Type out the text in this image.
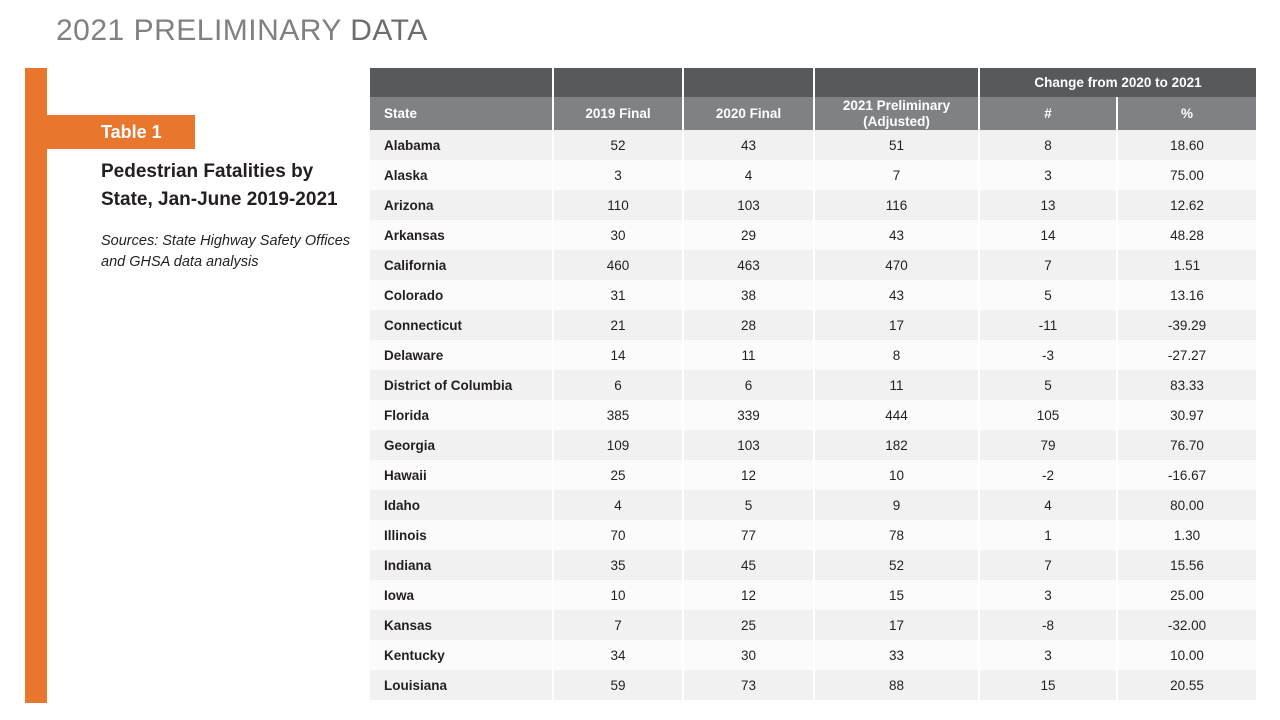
2021 PRELIMINARY DATA
Table 1
Pedestrian Fatalities by State, Jan-June 2019-2021
Sources: State Highway Safety Offices and GHSA data analysis
				Change from 2020 to 2021	
State	2019 Final	2020 Final	2021 Preliminary (Adjusted)	#	%
Alabama	52	43	51	8	18.60
Alaska	3	4	7	3	75.00
Arizona	110	103	116	13	12.62
Arkansas	30	29	43	14	48.28
California	460	463	470	7	1.51
Colorado	31	38	43	5	13.16
Connecticut	21	28	17	-11	-39.29
Delaware	14	11	8	-3	-27.27
District of Columbia	6	6	11	5	83.33
Florida	385	339	444	105	30.97
Georgia	109	103	182	79	76.70
Hawaii	25	12	10	-2	-16.67
Idaho	4	5	9	4	80.00
Illinois	70	77	78	1	1.30
Indiana	35	45	52	7	15.56
Iowa	10	12	15	3	25.00
Kansas	7	25	17	-8	-32.00
Kentucky	34	30	33	3	10.00
Louisiana	59	73	88	15	20.55
